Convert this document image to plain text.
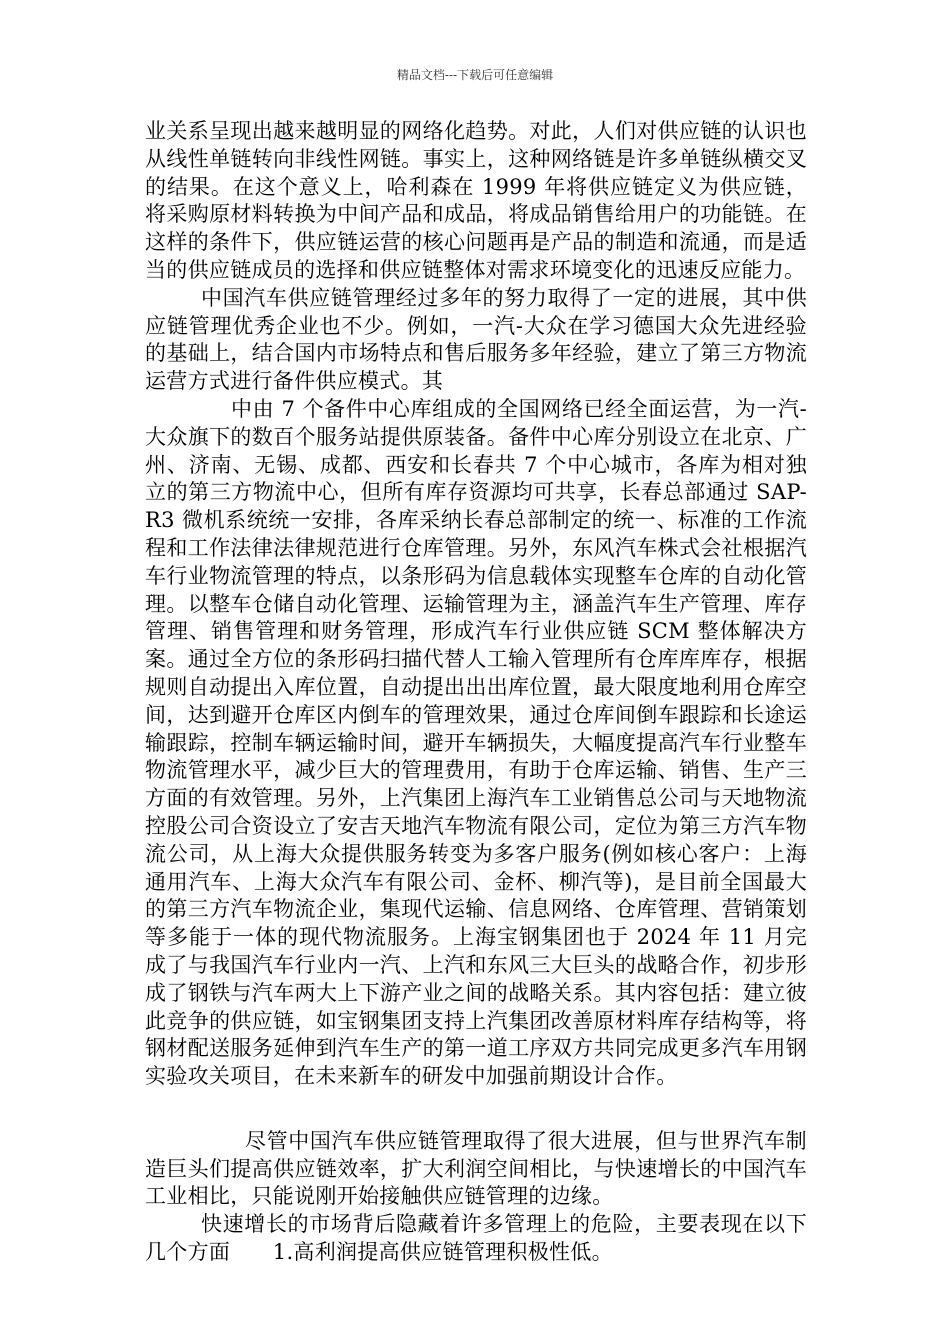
精品文档---下载后可任意编辑

业关系呈现出越来越明显的网络化趋势。对此，人们对供应链的认识也从线性单链转向非线性网链。事实上，这种网络链是许多单链纵横交叉的结果。在这个意义上，哈利森在 1999 年将供应链定义为供应链，将采购原材料转换为中间产品和成品，将成品销售给用户的功能链。在这样的条件下，供应链运营的核心问题再是产品的制造和流通，而是适当的供应链成员的选择和供应链整体对需求环境变化的迅速反应能力。

中国汽车供应链管理经过多年的努力取得了一定的进展，其中供应链管理优秀企业也不少。例如，一汽-大众在学习德国大众先进经验的基础上，结合国内市场特点和售后服务多年经验，建立了第三方物流运营方式进行备件供应模式。其

中由 7 个备件中心库组成的全国网络已经全面运营，为一汽-大众旗下的数百个服务站提供原装备。备件中心库分别设立在北京、广州、济南、无锡、成都、西安和长春共 7 个中心城市，各库为相对独立的第三方物流中心，但所有库存资源均可共享，长春总部通过 SAP-R3 微机系统统一安排，各库采纳长春总部制定的统一、标准的工作流程和工作法律法律规范进行仓库管理。另外，东风汽车株式会社根据汽车行业物流管理的特点，以条形码为信息载体实现整车仓库的自动化管理。以整车仓储自动化管理、运输管理为主，涵盖汽车生产管理、库存管理、销售管理和财务管理，形成汽车行业供应链 SCM 整体解决方案。通过全方位的条形码扫描代替人工输入管理所有仓库库库存，根据规则自动提出入库位置，自动提出出出库位置，最大限度地利用仓库空间，达到避开仓库区内倒车的管理效果，通过仓库间倒车跟踪和长途运输跟踪，控制车辆运输时间，避开车辆损失，大幅度提高汽车行业整车物流管理水平，减少巨大的管理费用，有助于仓库运输、销售、生产三方面的有效管理。另外，上汽集团上海汽车工业销售总公司与天地物流控股公司合资设立了安吉天地汽车物流有限公司，定位为第三方汽车物流公司，从上海大众提供服务转变为多客户服务(例如核心客户：上海通用汽车、上海大众汽车有限公司、金杯、柳汽等)，是目前全国最大的第三方汽车物流企业，集现代运输、信息网络、仓库管理、营销策划等多能于一体的现代物流服务。上海宝钢集团也于 2024 年 11 月完成了与我国汽车行业内一汽、上汽和东风三大巨头的战略合作，初步形成了钢铁与汽车两大上下游产业之间的战略关系。其内容包括：建立彼此竞争的供应链，如宝钢集团支持上汽集团改善原材料库存结构等，将钢材配送服务延伸到汽车生产的第一道工序双方共同完成更多汽车用钢实验攻关项目，在未来新车的研发中加强前期设计合作。

尽管中国汽车供应链管理取得了很大进展，但与世界汽车制造巨头们提高供应链效率，扩大利润空间相比，与快速增长的中国汽车工业相比，只能说刚开始接触供应链管理的边缘。

快速增长的市场背后隐藏着许多管理上的危险，主要表现在以下几个方面　　1.高利润提高供应链管理积极性低。
